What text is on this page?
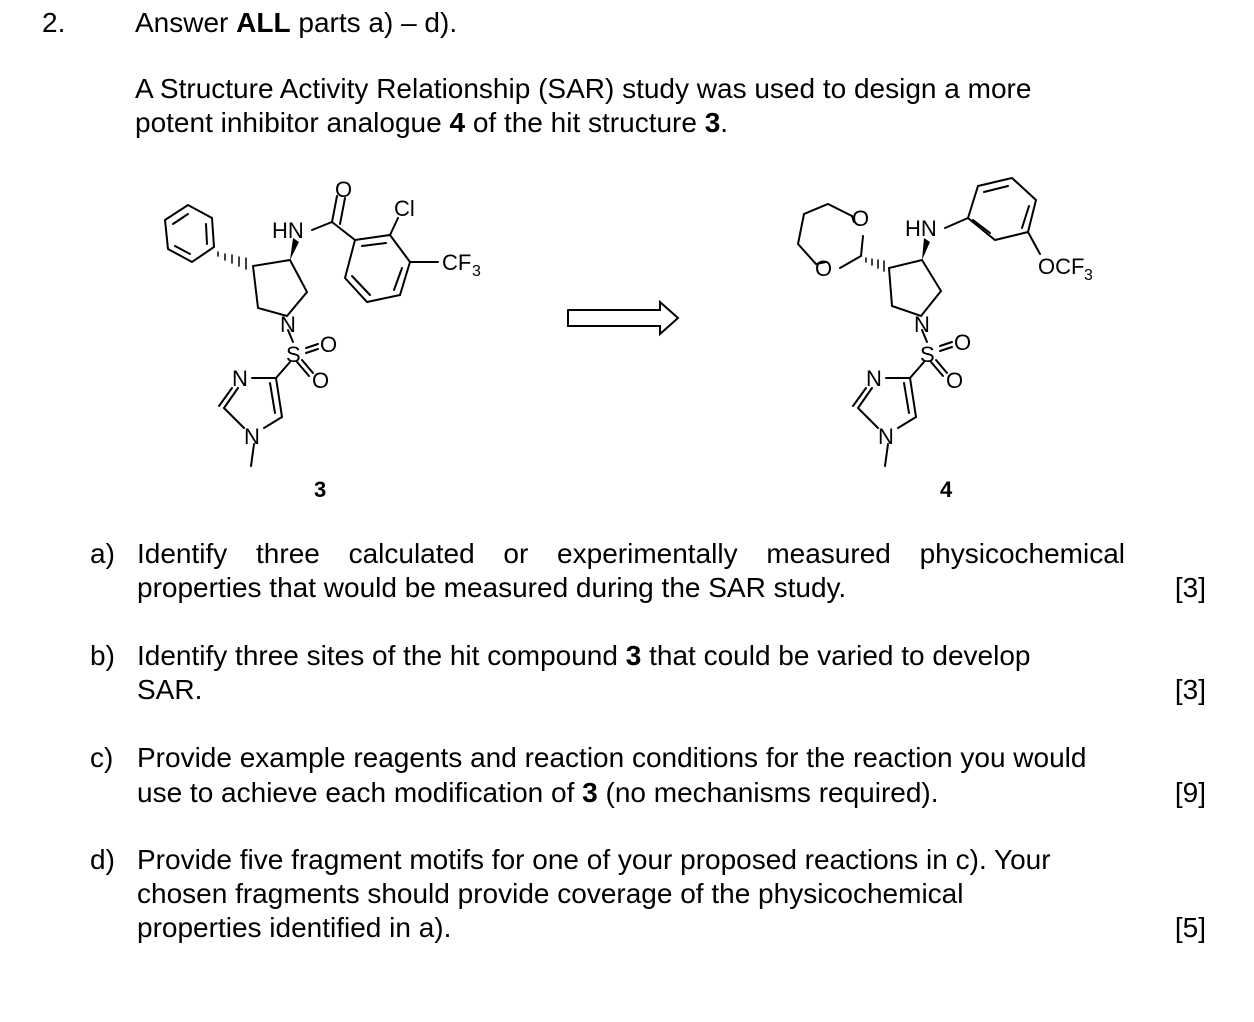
2. Answer ALL parts a) – d).
A Structure Activity Relationship (SAR) study was used to design a more
potent inhibitor analogue 4 of the hit structure 3.
O
Cl
HN
CF 3
N
S O
O
N
N
3
O
O
HN
OCF 3
N
S O
O
N
N
4
a) Identify three calculated or experimentally measured physicochemical
properties that would be measured during the SAR study.	[3]
b) Identify three sites of the hit compound 3 that could be varied to develop
SAR.	[3]
c) Provide example reagents and reaction conditions for the reaction you would
use to achieve each modification of 3 (no mechanisms required).	[9]
d) Provide five fragment motifs for one of your proposed reactions in c). Your
chosen fragments should provide coverage of the physicochemical
properties identified in a).	[5]
